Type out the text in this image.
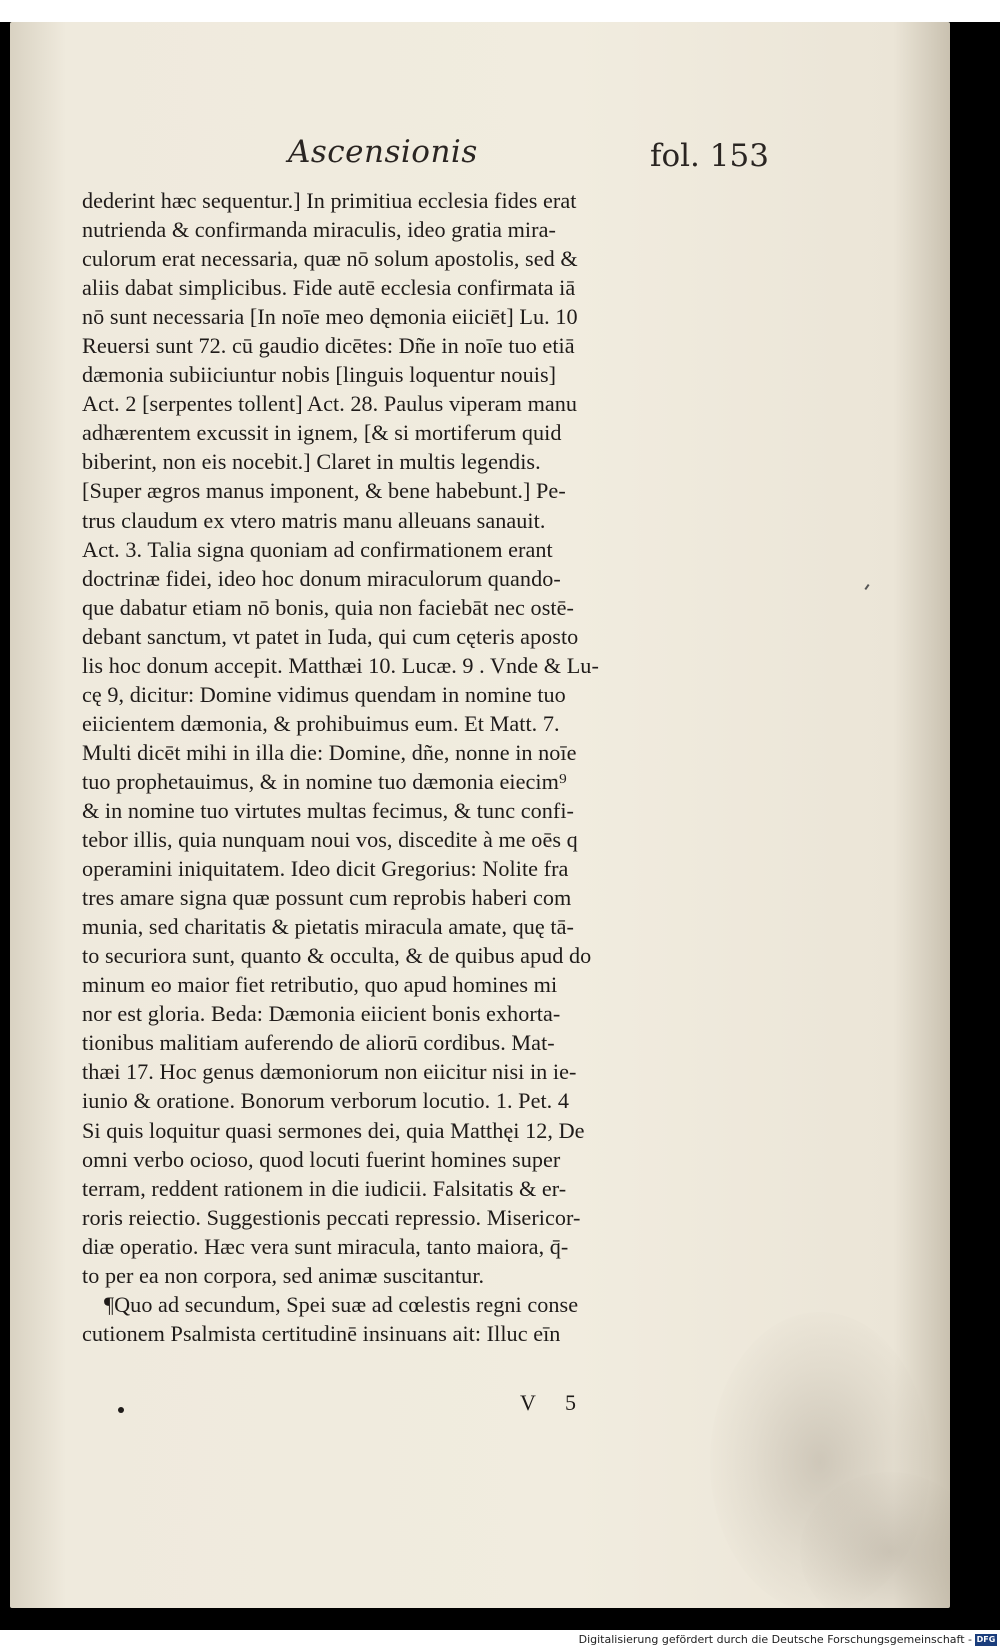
Ascensionis	fol. 153
dederint hæc sequentur.] In primitiua ecclesia fides erat
nutrienda & confirmanda miraculis, ideo gratia mira-
culorum erat necessaria, quæ nō solum apostolis, sed &
aliis dabat simplicibus. Fide autē ecclesia confirmata iā
nō sunt necessaria [In noīe meo dęmonia eiiciēt] Lu. 10
Reuersi sunt 72. cū gaudio dicētes: Dñe in noīe tuo etiā
dæmonia subiiciuntur nobis [linguis loquentur nouis]
Act. 2 [serpentes tollent] Act. 28. Paulus viperam manu
adhærentem excussit in ignem, [& si mortiferum quid
biberint, non eis nocebit.] Claret in multis legendis.
[Super ægros manus imponent, & bene habebunt.] Pe-
trus claudum ex vtero matris manu alleuans sanauit.
Act. 3. Talia signa quoniam ad confirmationem erant
doctrinæ fidei, ideo hoc donum miraculorum quando-
que dabatur etiam nō bonis, quia non faciebāt nec ostē-
debant sanctum, vt patet in Iuda, qui cum cęteris aposto
lis hoc donum accepit. Matthæi 10. Lucæ. 9 . Vnde & Lu-
cę 9, dicitur: Domine vidimus quendam in nomine tuo
eiicientem dæmonia, & prohibuimus eum. Et Matt. 7.
Multi dicēt mihi in illa die: Domine, dñe, nonne in noīe
tuo prophetauimus, & in nomine tuo dæmonia eiecim⁹
& in nomine tuo virtutes multas fecimus, & tunc confi-
tebor illis, quia nunquam noui vos, discedite à me oēs q
operamini iniquitatem. Ideo dicit Gregorius: Nolite fra
tres amare signa quæ possunt cum reprobis haberi com
munia, sed charitatis & pietatis miracula amate, quę tā-
to securiora sunt, quanto & occulta, & de quibus apud do
minum eo maior fiet retributio, quo apud homines mi
nor est gloria. Beda: Dæmonia eiicient bonis exhorta-
tionibus malitiam auferendo de aliorū cordibus. Mat-
thæi 17. Hoc genus dæmoniorum non eiicitur nisi in ie-
iunio & oratione. Bonorum verborum locutio. 1. Pet. 4
Si quis loquitur quasi sermones dei, quia Matthęi 12, De
omni verbo ocioso, quod locuti fuerint homines super
terram, reddent rationem in die iudicii. Falsitatis & er-
roris reiectio. Suggestionis peccati repressio. Misericor-
diæ operatio. Hæc vera sunt miracula, tanto maiora, q̄-
to per ea non corpora, sed animæ suscitantur.
¶Quo ad secundum, Spei suæ ad cœlestis regni conse
cutionem Psalmista certitudinē insinuans ait: Illuc eīn
V 5
Digitalisierung gefördert durch die Deutsche Forschungsgemeinschaft - DFG
